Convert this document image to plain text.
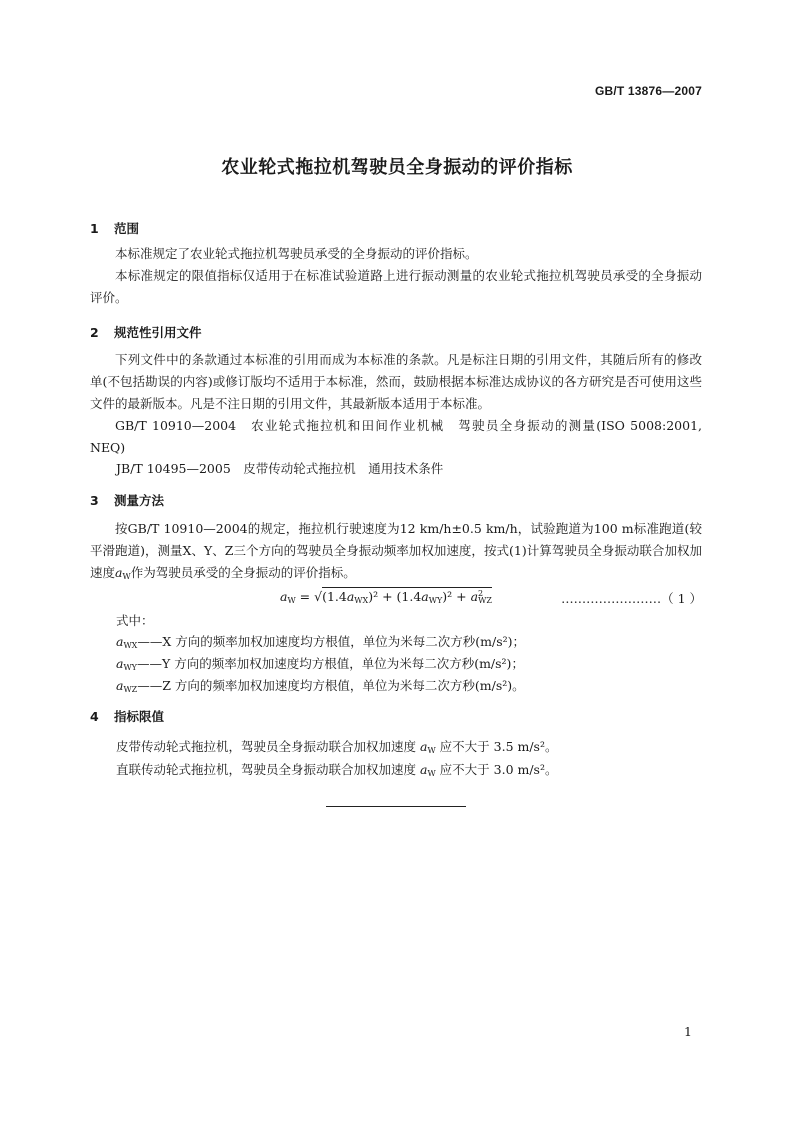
GB/T 13876—2007
农业轮式拖拉机驾驶员全身振动的评价指标
1 范围
本标准规定了农业轮式拖拉机驾驶员承受的全身振动的评价指标。
本标准规定的限值指标仅适用于在标准试验道路上进行振动测量的农业轮式拖拉机驾驶员承受的全身振动评价。
2 规范性引用文件
下列文件中的条款通过本标准的引用而成为本标准的条款。凡是标注日期的引用文件，其随后所有的修改单(不包括勘误的内容)或修订版均不适用于本标准，然而，鼓励根据本标准达成协议的各方研究是否可使用这些文件的最新版本。凡是不注日期的引用文件，其最新版本适用于本标准。
GB/T 10910—2004　农业轮式拖拉机和田间作业机械　驾驶员全身振动的测量(ISO 5008:2001, NEQ)
JB/T 10495—2005　皮带传动轮式拖拉机　通用技术条件
3 测量方法
按GB/T 10910—2004的规定，拖拉机行驶速度为12 km/h±0.5 km/h，试验跑道为100 m标准跑道(较平滑跑道)，测量X、Y、Z三个方向的驾驶员全身振动频率加权加速度，按式(1)计算驾驶员全身振动联合加权加速度$a_W$作为驾驶员承受的全身振动的评价指标。
$a_W = √(1.4a_{WX})^2 + (1.4a_{WY})^2 + a^2_{WZ}$	……………………（ 1 ）
式中：
$a_{WX}——X$ 方向的频率加权加速度均方根值，单位为米每二次方秒(m/s²)；
$a_{WY}——Y$ 方向的频率加权加速度均方根值，单位为米每二次方秒(m/s²)；
$a_{WZ}——Z$ 方向的频率加权加速度均方根值，单位为米每二次方秒(m/s²)。
4 指标限值
皮带传动轮式拖拉机，驾驶员全身振动联合加权加速度 $a_W$ 应不大于 3.5 m/s²。
直联传动轮式拖拉机，驾驶员全身振动联合加权加速度 $a_W$ 应不大于 3.0 m/s²。
1
